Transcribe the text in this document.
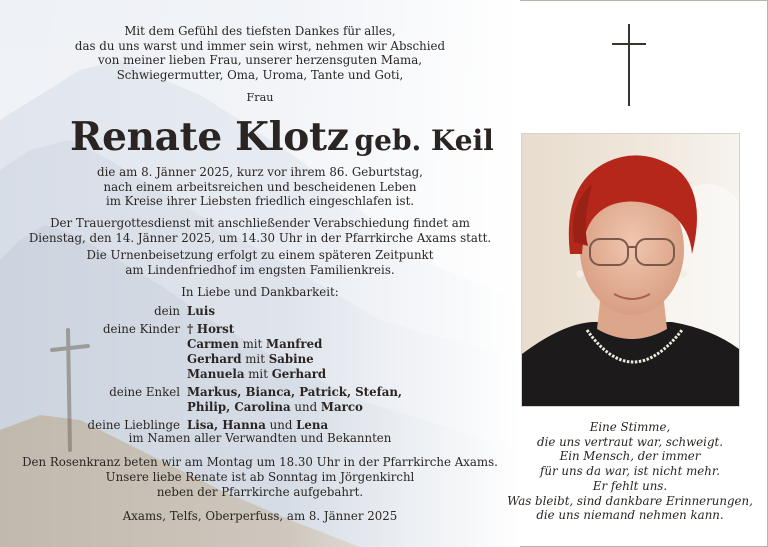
Mit dem Gefühl des tiefsten Dankes für alles,
das du uns warst und immer sein wirst, nehmen wir Abschied
von meiner lieben Frau, unserer herzensguten Mama,
Schwiegermutter, Oma, Uroma, Tante und Goti,
Frau
Renate Klotz geb. Keil
die am 8. Jänner 2025, kurz vor ihrem 86. Geburtstag,
nach einem arbeitsreichen und bescheidenen Leben
im Kreise ihrer Liebsten friedlich eingeschlafen ist.
Der Trauergottesdienst mit anschließender Verabschiedung findet am
Dienstag, den 14. Jänner 2025, um 14.30 Uhr in der Pfarrkirche Axams statt.
Die Urnenbeisetzung erfolgt zu einem späteren Zeitpunkt
am Lindenfriedhof im engsten Familienkreis.
In Liebe und Dankbarkeit:
dein Luis
deine Kinder † Horst
Carmen mit Manfred
Gerhard mit Sabine
Manuela mit Gerhard
deine Enkel Markus, Bianca, Patrick, Stefan,
Philip, Carolina und Marco
deine Lieblinge Lisa, Hanna und Lena
im Namen aller Verwandten und Bekannten
Den Rosenkranz beten wir am Montag um 18.30 Uhr in der Pfarrkirche Axams.
Unsere liebe Renate ist ab Sonntag im Jörgenkirchl
neben der Pfarrkirche aufgebahrt.
Axams, Telfs, Oberperfuss, am 8. Jänner 2025
Eine Stimme,
die uns vertraut war, schweigt.
Ein Mensch, der immer
für uns da war, ist nicht mehr.
Er fehlt uns.
Was bleibt, sind dankbare Erinnerungen,
die uns niemand nehmen kann.
